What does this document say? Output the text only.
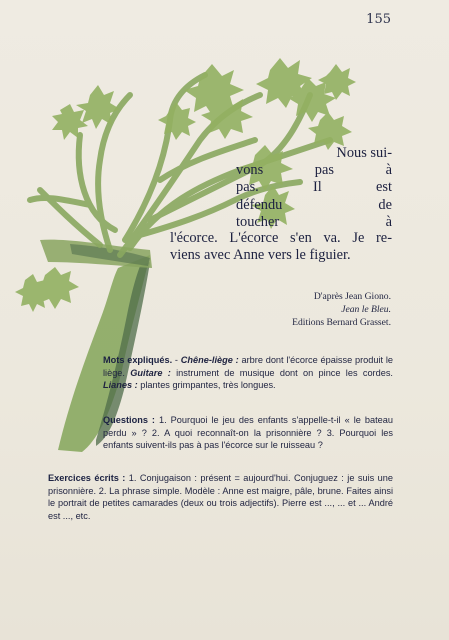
155
Nous sui-
vons pas à
pas. Il est
défendu de
toucher à
l'écorce. L'écorce s'en va. Je re-
viens avec Anne vers le figuier.
D'après Jean Giono.
Jean le Bleu.
Editions Bernard Grasset.

Mots expliqués. - Chêne-liège : arbre dont l'écorce épaisse produit le liège. Guitare : instrument de musique dont on pince les cordes. Lianes : plantes grimpantes, très longues.

Questions : 1. Pourquoi le jeu des enfants s'appelle-t-il « le bateau perdu » ? 2. A quoi reconnaît-on la prisonnière ? 3. Pourquoi les enfants suivent-ils pas à pas l'écorce sur le ruisseau ?

Exercices écrits : 1. Conjugaison : présent = aujourd'hui. Conjuguez : je suis une prisonnière. 2. La phrase simple. Modèle : Anne est maigre, pâle, brune. Faites ainsi le portrait de petites camarades (deux ou trois adjectifs). Pierre est ..., ... et ... André est ..., etc.
